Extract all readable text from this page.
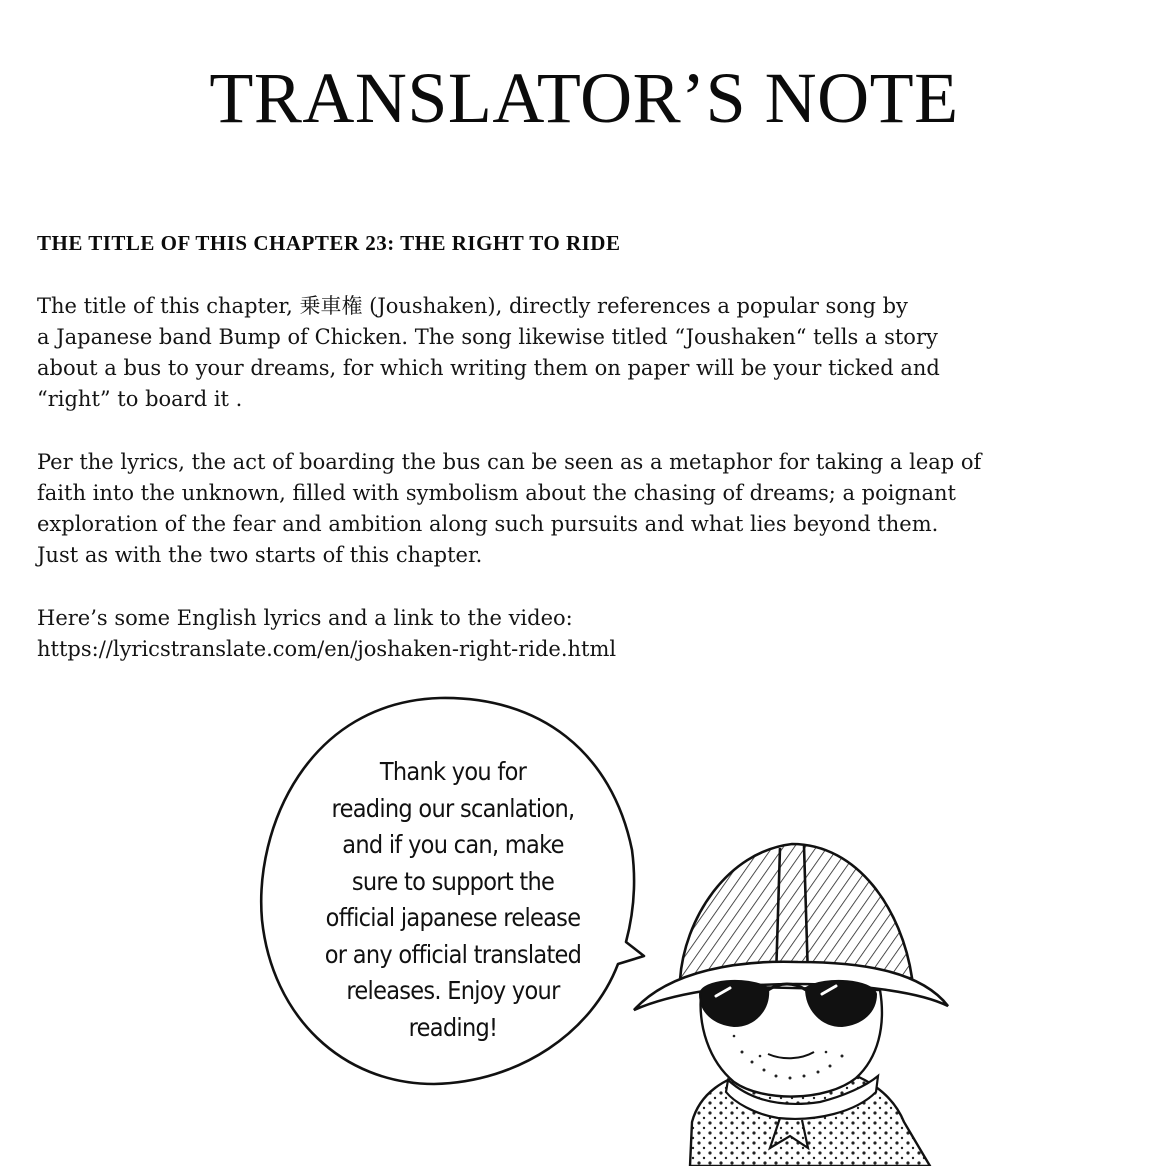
TRANSLATOR’S NOTE
THE TITLE OF THIS CHAPTER 23: THE RIGHT TO RIDE

The title of this chapter, 乗車権 (Joushaken), directly references a popular song by
a Japanese band Bump of Chicken. The song likewise titled “Joushaken“ tells a story
about a bus to your dreams, for which writing them on paper will be your ticked and
“right” to board it .

Per the lyrics, the act of boarding the bus can be seen as a metaphor for taking a leap of
faith into the unknown, filled with symbolism about the chasing of dreams; a poignant
exploration of the fear and ambition along such pursuits and what lies beyond them.
Just as with the two starts of this chapter.

Here’s some English lyrics and a link to the video:
https://lyricstranslate.com/en/joshaken-right-ride.html

Thank you for
reading our scanlation,
and if you can, make
sure to support the
official japanese release
or any official translated
releases. Enjoy your
reading!
